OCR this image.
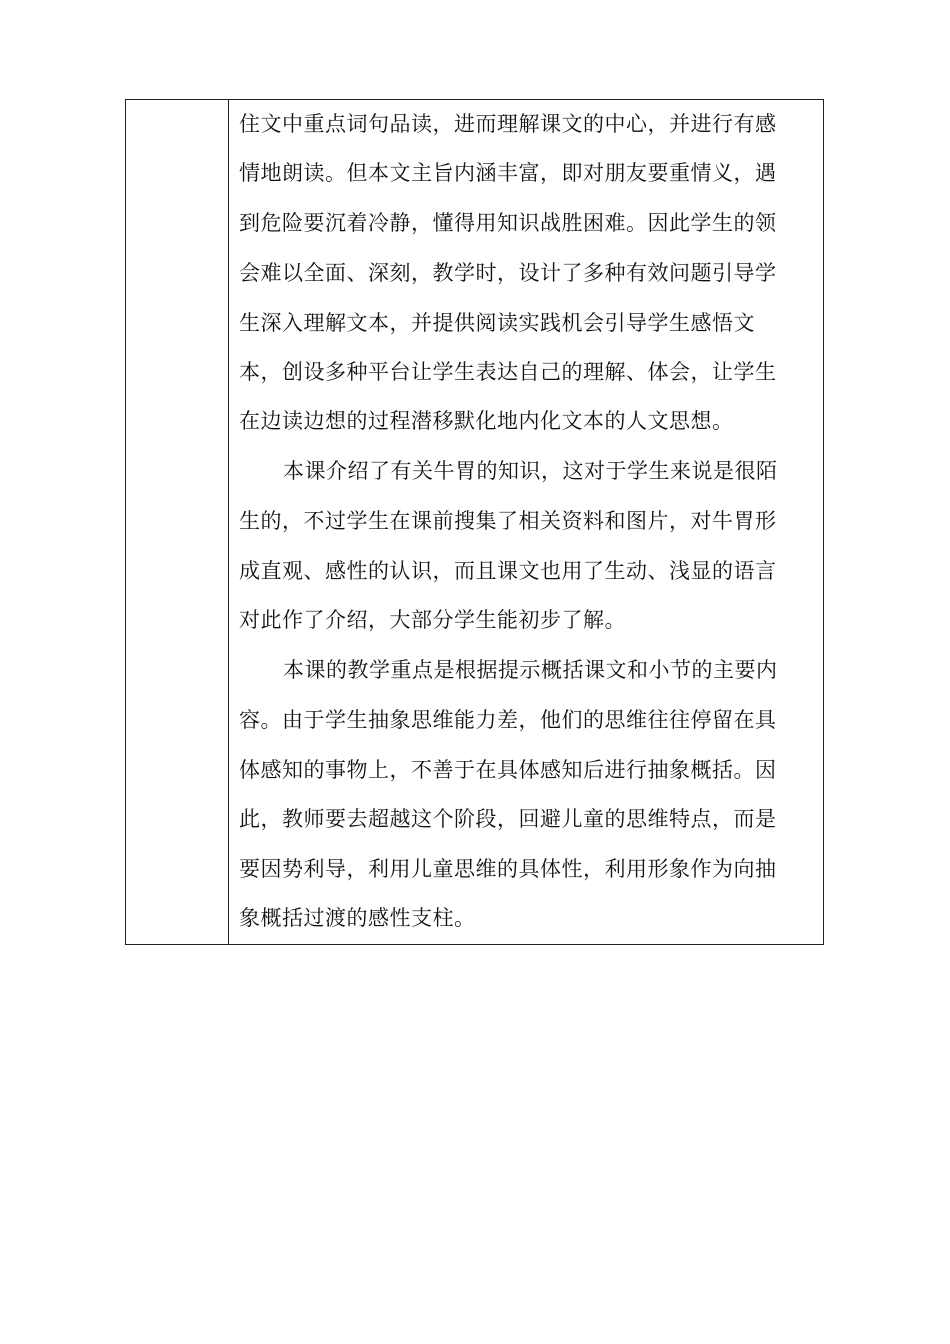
住文中重点词句品读，进而理解课文的中心，并进行有感
情地朗读。但本文主旨内涵丰富，即对朋友要重情义，遇
到危险要沉着冷静，懂得用知识战胜困难。因此学生的领
会难以全面、深刻，教学时，设计了多种有效问题引导学
生深入理解文本，并提供阅读实践机会引导学生感悟文
本，创设多种平台让学生表达自己的理解、体会，让学生
在边读边想的过程潜移默化地内化文本的人文思想。
本课介绍了有关牛胃的知识，这对于学生来说是很陌
生的，不过学生在课前搜集了相关资料和图片，对牛胃形
成直观、感性的认识，而且课文也用了生动、浅显的语言
对此作了介绍，大部分学生能初步了解。
本课的教学重点是根据提示概括课文和小节的主要内
容。由于学生抽象思维能力差，他们的思维往往停留在具
体感知的事物上，不善于在具体感知后进行抽象概括。因
此，教师要去超越这个阶段，回避儿童的思维特点，而是
要因势利导，利用儿童思维的具体性，利用形象作为向抽
象概括过渡的感性支柱。
